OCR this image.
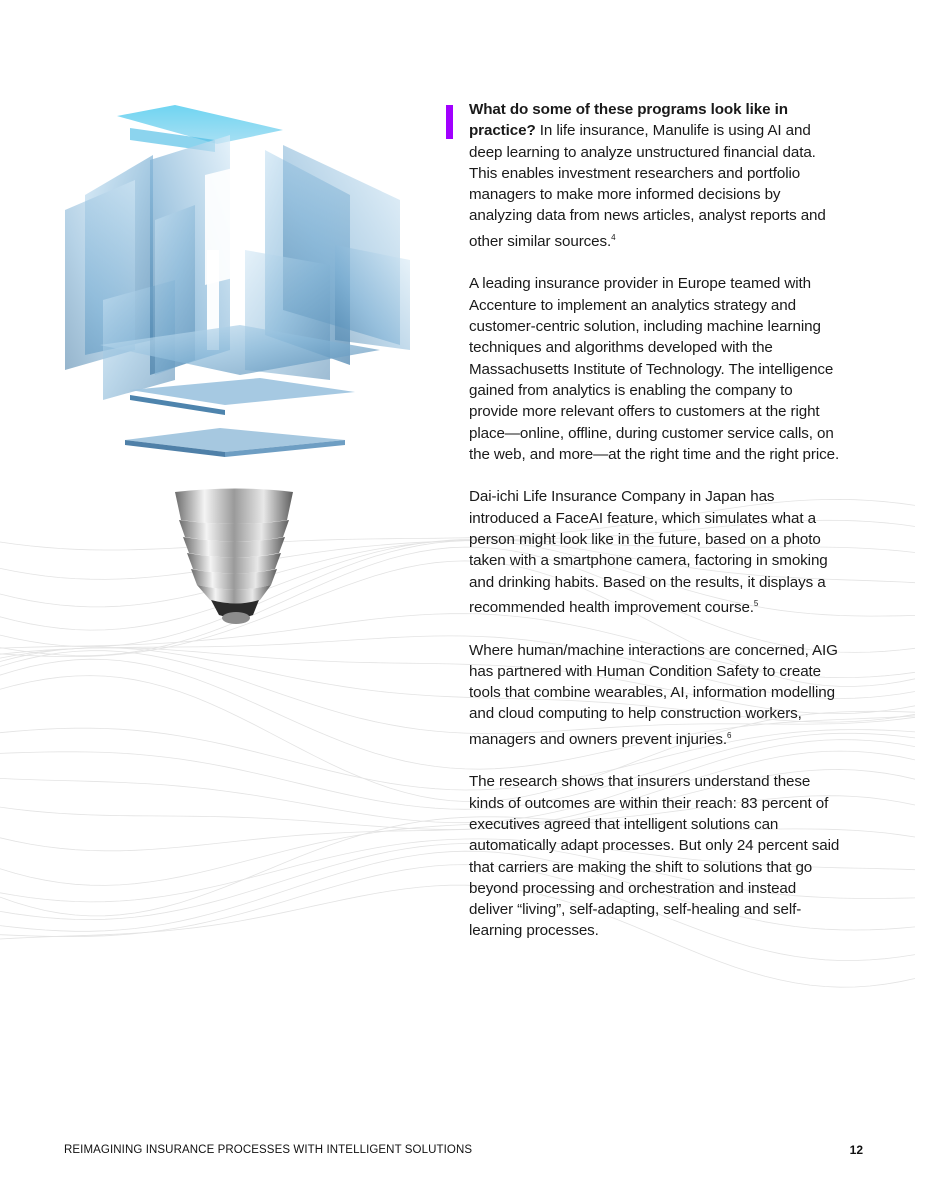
What do some of these programs look like in practice? In life insurance, Manulife is using AI and deep learning to analyze unstructured financial data. This enables investment researchers and portfolio managers to make more informed decisions by analyzing data from news articles, analyst reports and other similar sources.$^4$

A leading insurance provider in Europe teamed with Accenture to implement an analytics strategy and customer-centric solution, including machine learning techniques and algorithms developed with the Massachusetts Institute of Technology. The intelligence gained from analytics is enabling the company to provide more relevant offers to customers at the right place—online, offline, during customer service calls, on the web, and more—at the right time and the right price.

Dai-ichi Life Insurance Company in Japan has introduced a FaceAI feature, which simulates what a person might look like in the future, based on a photo taken with a smartphone camera, factoring in smoking and drinking habits. Based on the results, it displays a recommended health improvement course.$^5$

Where human/machine interactions are concerned, AIG has partnered with Human Condition Safety to create tools that combine wearables, AI, information modelling and cloud computing to help construction workers, managers and owners prevent injuries.$^6$

The research shows that insurers understand these kinds of outcomes are within their reach: 83 percent of executives agreed that intelligent solutions can automatically adapt processes. But only 24 percent said that carriers are making the shift to solutions that go beyond processing and orchestration and instead deliver “living”, self-adapting, self-healing and self-learning processes.

REIMAGINING INSURANCE PROCESSES WITH INTELLIGENT SOLUTIONS	12
